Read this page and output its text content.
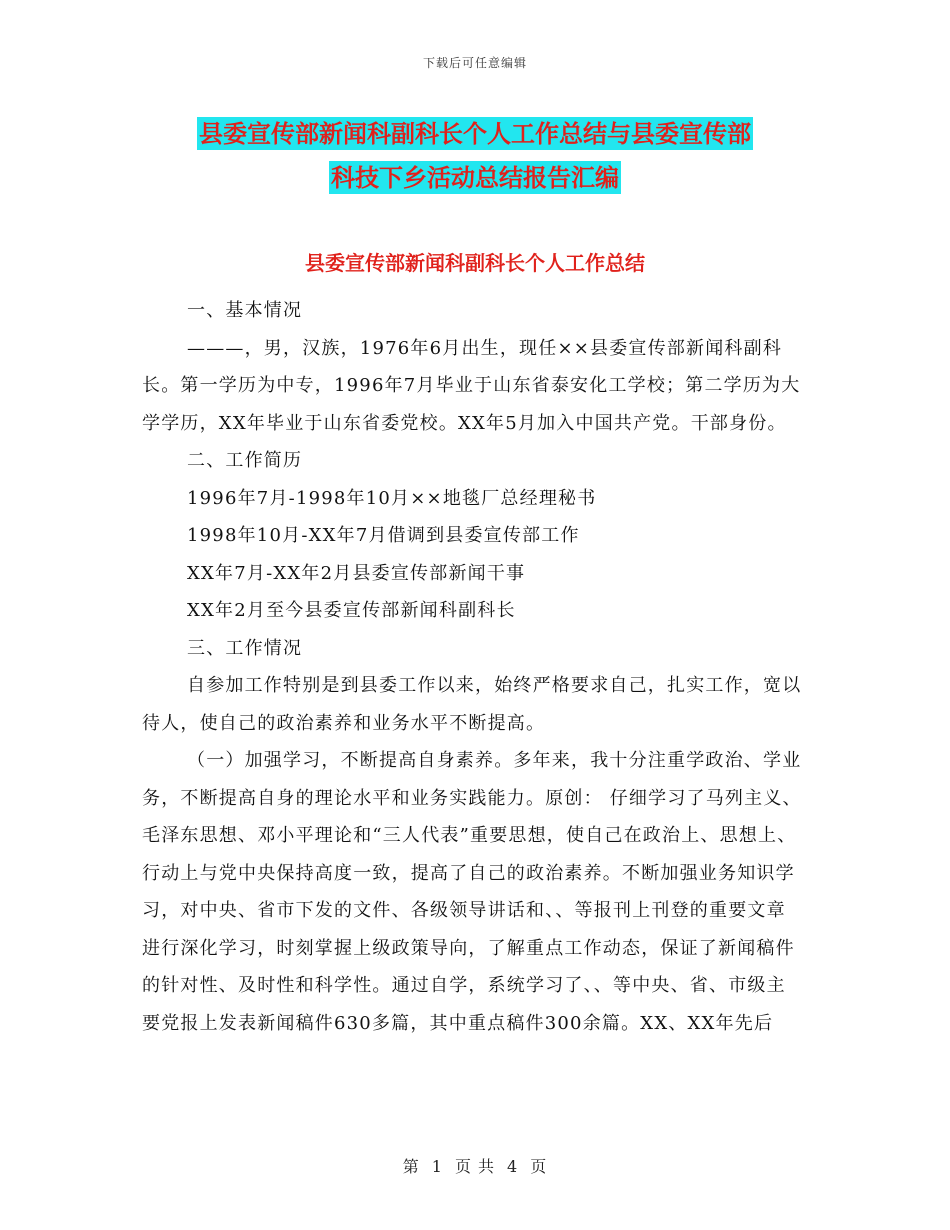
下载后可任意编辑
县委宣传部新闻科副科长个人工作总结与县委宣传部
科技下乡活动总结报告汇编
县委宣传部新闻科副科长个人工作总结

一、基本情况

———，男，汉族，1976年6月出生，现任××县委宣传部新闻科副科长。第一学历为中专，1996年7月毕业于山东省泰安化工学校；第二学历为大学学历，XX年毕业于山东省委党校。XX年5月加入中国共产党。干部身份。

二、工作简历

1996年7月-1998年10月××地毯厂总经理秘书

1998年10月-XX年7月借调到县委宣传部工作

XX年7月-XX年2月县委宣传部新闻干事

XX年2月至今县委宣传部新闻科副科长

三、工作情况

自参加工作特别是到县委工作以来，始终严格要求自己，扎实工作，宽以待人，使自己的政治素养和业务水平不断提高。

（一）加强学习，不断提高自身素养。多年来，我十分注重学政治、学业务，不断提高自身的理论水平和业务实践能力。原创： 仔细学习了马列主义、毛泽东思想、邓小平理论和“三人代表”重要思想，使自己在政治上、思想上、行动上与党中央保持高度一致，提高了自己的政治素养。不断加强业务知识学习，对中央、省市下发的文件、各级领导讲话和、、等报刊上刊登的重要文章进行深化学习，时刻掌握上级政策导向，了解重点工作动态，保证了新闻稿件的针对性、及时性和科学性。通过自学，系统学习了、、等中央、省、市级主要党报上发表新闻稿件630多篇，其中重点稿件300余篇。XX、XX年先后

第 1 页 共 4 页
